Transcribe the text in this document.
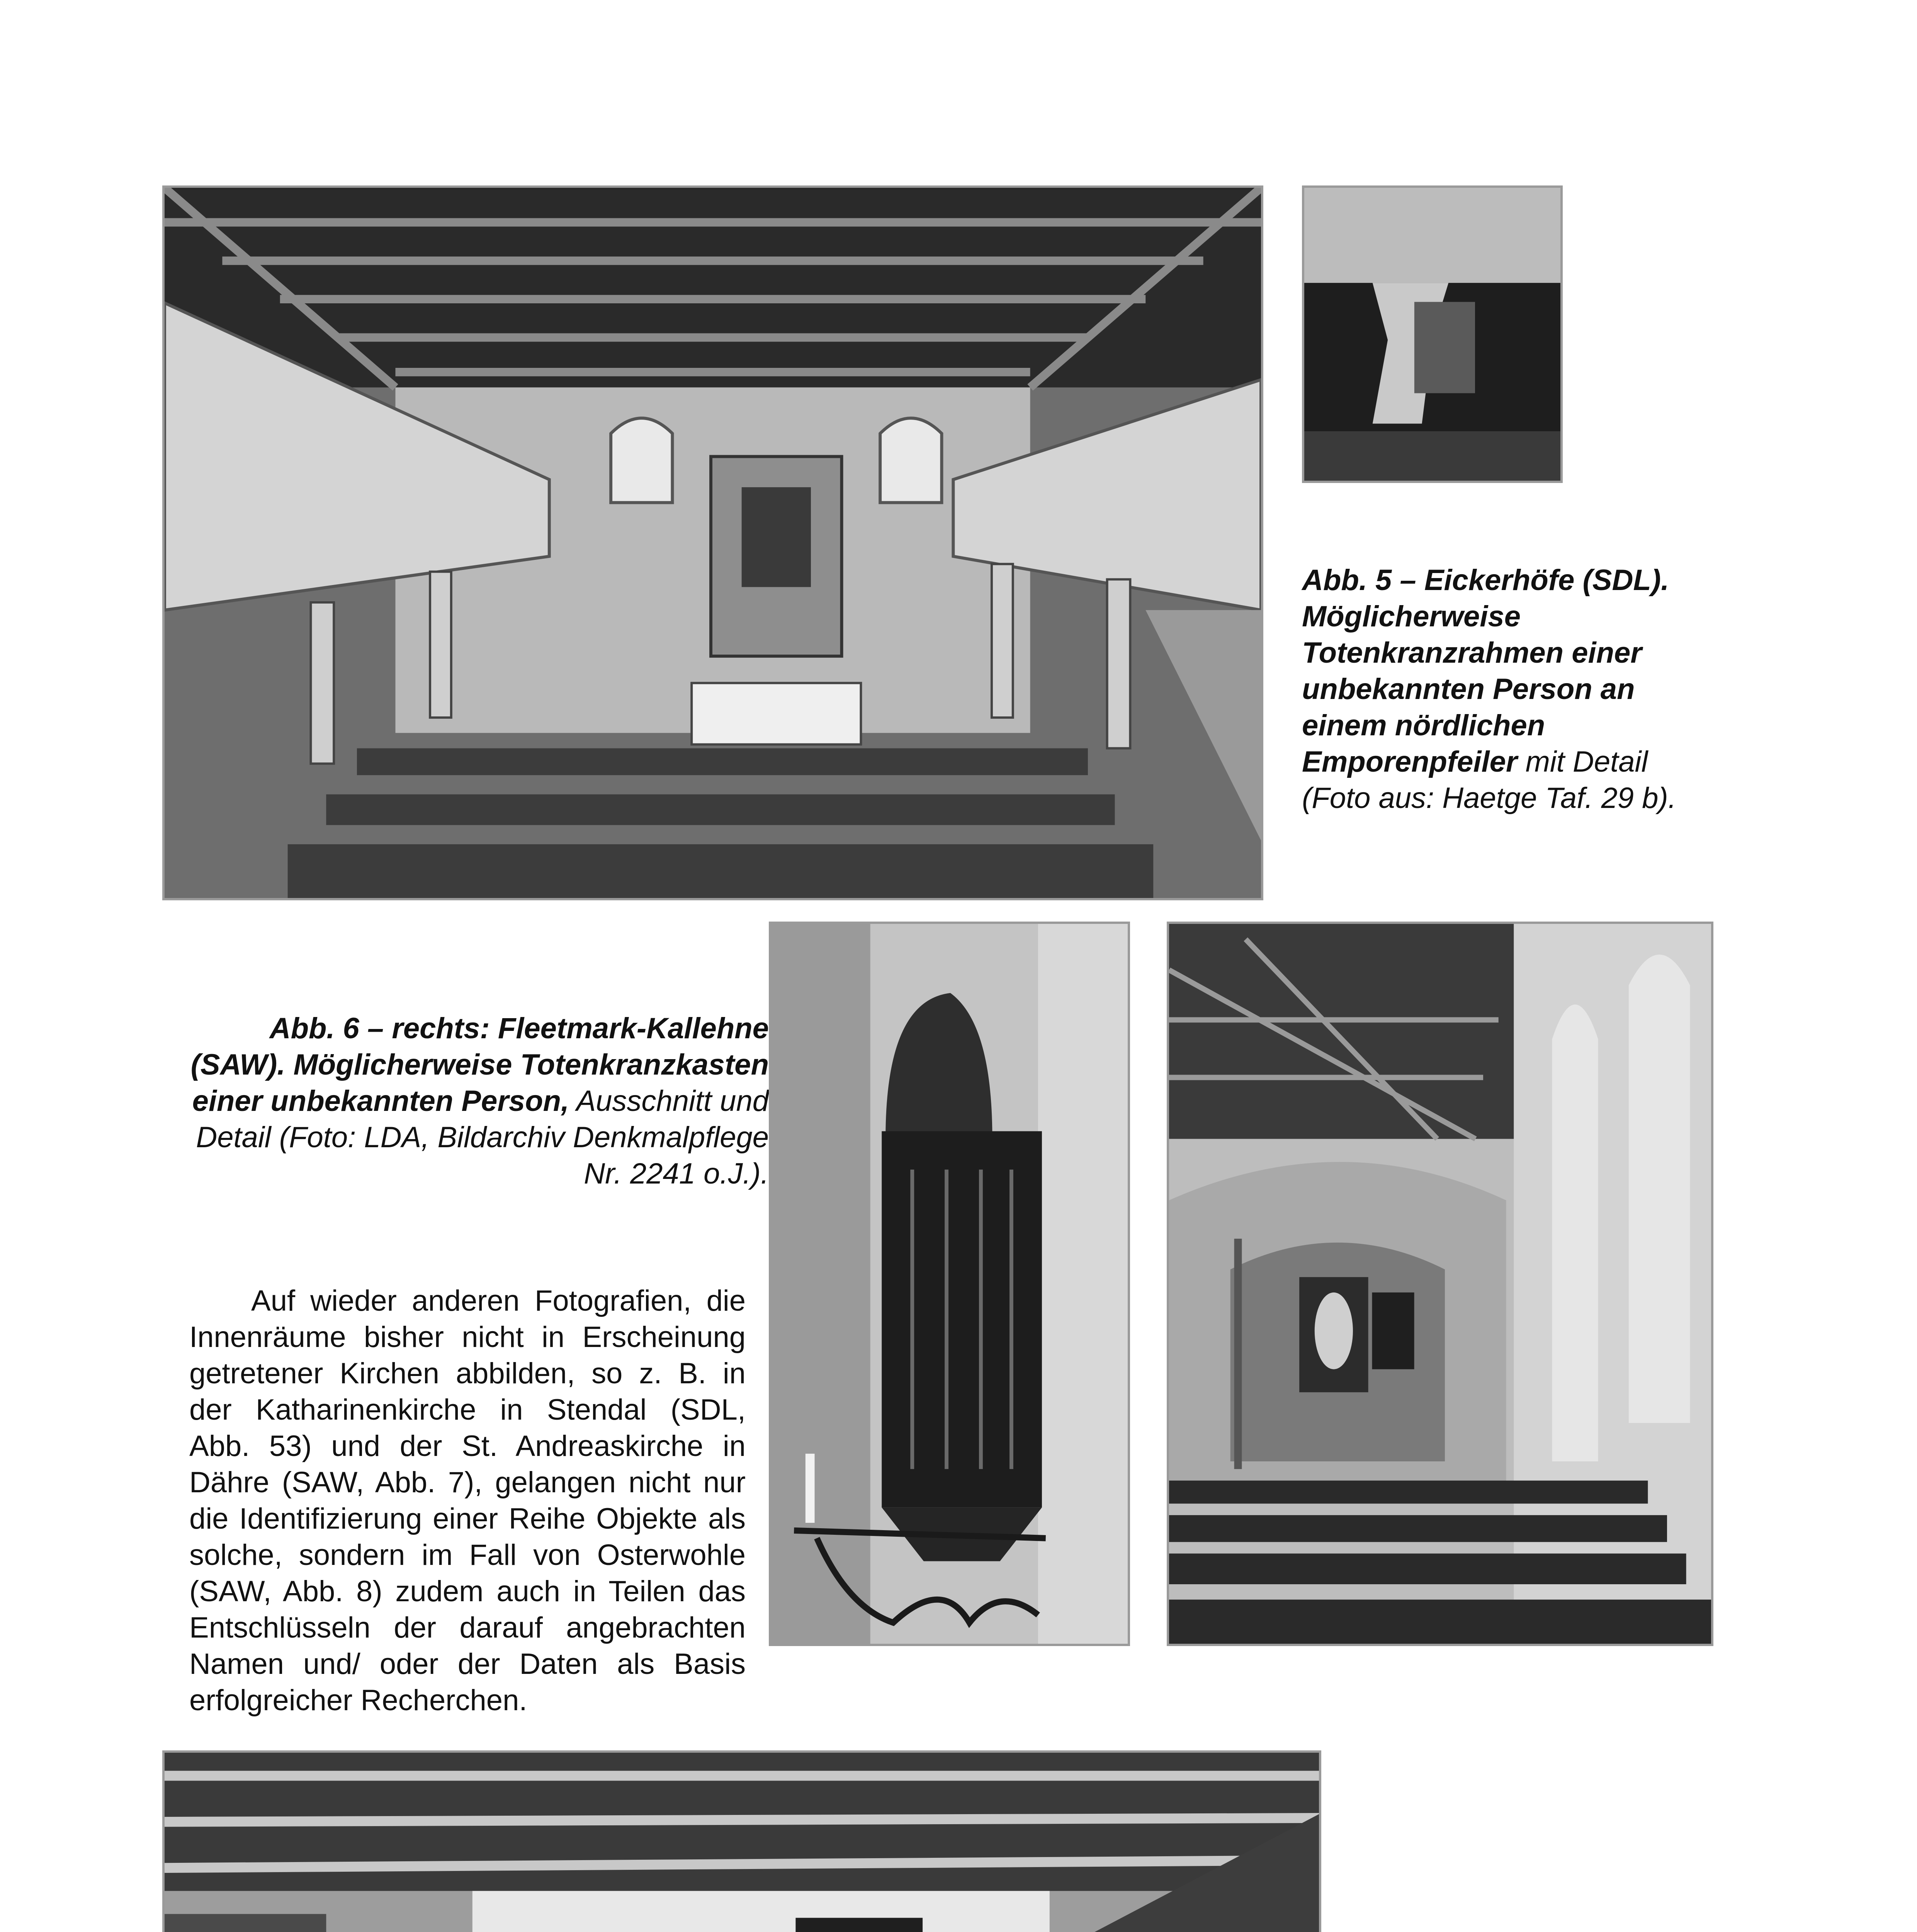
Abb. 5 – Eickerhöfe (SDL). Möglicherweise Totenkranzrahmen einer unbekannten Person an einem nördlichen Emporenpfeiler mit Detail (Foto aus: Haetge Taf. 29 b).
Abb. 6 – rechts: Fleetmark-Kallehne (SAW). Möglicherweise Totenkranzkasten einer unbekannten Person, Ausschnitt und Detail (Foto: LDA, Bildarchiv Denkmalpflege Nr. 2241 o.J.).
Auf wieder anderen Fotografien, die Innenräume bisher nicht in Erscheinung getretener Kirchen abbilden, so z. B. in der Katharinenkirche in Stendal (SDL, Abb. 53) und der St. Andreaskirche in Dähre (SAW, Abb. 7), gelangen nicht nur die Identifizierung einer Reihe Objekte als solche, sondern im Fall von Osterwohle (SAW, Abb. 8) zudem auch in Teilen das Entschlüsseln der darauf angebrachten Namen und/ oder der Daten als Basis erfolgreicher Recherchen.
